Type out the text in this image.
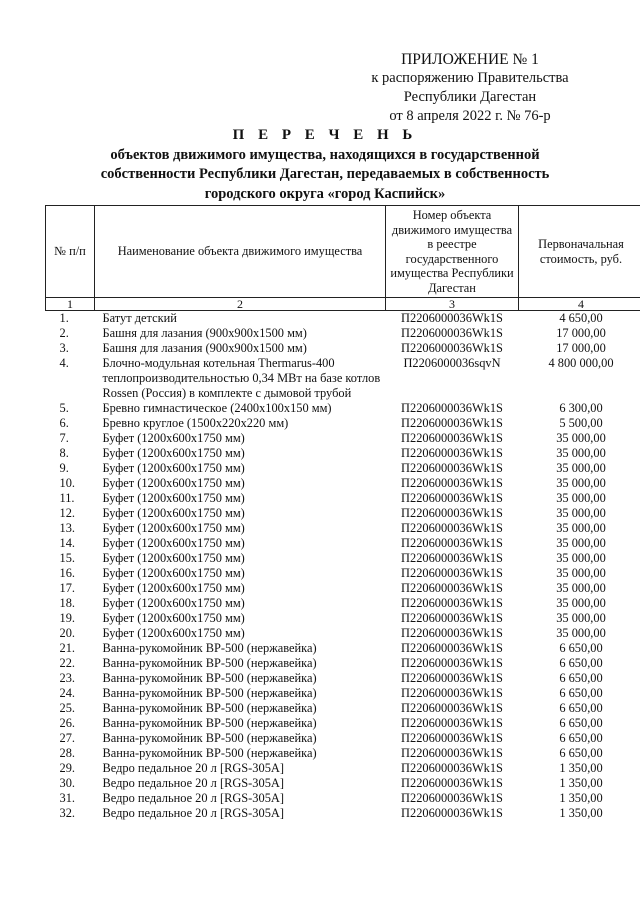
ПРИЛОЖЕНИЕ № 1
к распоряжению Правительства
Республики Дагестан
от 8 апреля 2022 г. № 76-р
П Е Р Е Ч Е Н Ь
объектов движимого имущества, находящихся в государственной
собственности Республики Дагестан, передаваемых в собственность
городского округа «город Каспийск»
№ п/п	Наименование объекта движимого имущества	Номер объекта движимого имущества в реестре государственного имущества Республики Дагестан	Первоначальная стоимость, руб.
1	2	3	4
1.	Батут детский	П2206000036Wk1S	4 650,00
2.	Башня для лазания (900х900х1500 мм)	П2206000036Wk1S	17 000,00
3.	Башня для лазания (900х900х1500 мм)	П2206000036Wk1S	17 000,00
4.	Блочно-модульная котельная Thermarus-400 теплопроизводительностью 0,34 МВт на базе котлов Rossen (Россия) в комплекте с дымовой трубой	П2206000036sqvN	4 800 000,00
5.	Бревно гимнастическое (2400х100х150 мм)	П2206000036Wk1S	6 300,00
6.	Бревно круглое (1500х220х220 мм)	П2206000036Wk1S	5 500,00
7.	Буфет (1200х600х1750 мм)	П2206000036Wk1S	35 000,00
8.	Буфет (1200х600х1750 мм)	П2206000036Wk1S	35 000,00
9.	Буфет (1200х600х1750 мм)	П2206000036Wk1S	35 000,00
10.	Буфет (1200х600х1750 мм)	П2206000036Wk1S	35 000,00
11.	Буфет (1200х600х1750 мм)	П2206000036Wk1S	35 000,00
12.	Буфет (1200х600х1750 мм)	П2206000036Wk1S	35 000,00
13.	Буфет (1200х600х1750 мм)	П2206000036Wk1S	35 000,00
14.	Буфет (1200х600х1750 мм)	П2206000036Wk1S	35 000,00
15.	Буфет (1200х600х1750 мм)	П2206000036Wk1S	35 000,00
16.	Буфет (1200х600х1750 мм)	П2206000036Wk1S	35 000,00
17.	Буфет (1200х600х1750 мм)	П2206000036Wk1S	35 000,00
18.	Буфет (1200х600х1750 мм)	П2206000036Wk1S	35 000,00
19.	Буфет (1200х600х1750 мм)	П2206000036Wk1S	35 000,00
20.	Буфет (1200х600х1750 мм)	П2206000036Wk1S	35 000,00
21.	Ванна-рукомойник ВР-500 (нержавейка)	П2206000036Wk1S	6 650,00
22.	Ванна-рукомойник ВР-500 (нержавейка)	П2206000036Wk1S	6 650,00
23.	Ванна-рукомойник ВР-500 (нержавейка)	П2206000036Wk1S	6 650,00
24.	Ванна-рукомойник ВР-500 (нержавейка)	П2206000036Wk1S	6 650,00
25.	Ванна-рукомойник ВР-500 (нержавейка)	П2206000036Wk1S	6 650,00
26.	Ванна-рукомойник ВР-500 (нержавейка)	П2206000036Wk1S	6 650,00
27.	Ванна-рукомойник ВР-500 (нержавейка)	П2206000036Wk1S	6 650,00
28.	Ванна-рукомойник ВР-500 (нержавейка)	П2206000036Wk1S	6 650,00
29.	Ведро педальное 20 л [RGS-305A]	П2206000036Wk1S	1 350,00
30.	Ведро педальное 20 л [RGS-305A]	П2206000036Wk1S	1 350,00
31.	Ведро педальное 20 л [RGS-305A]	П2206000036Wk1S	1 350,00
32.	Ведро педальное 20 л [RGS-305A]	П2206000036Wk1S	1 350,00
